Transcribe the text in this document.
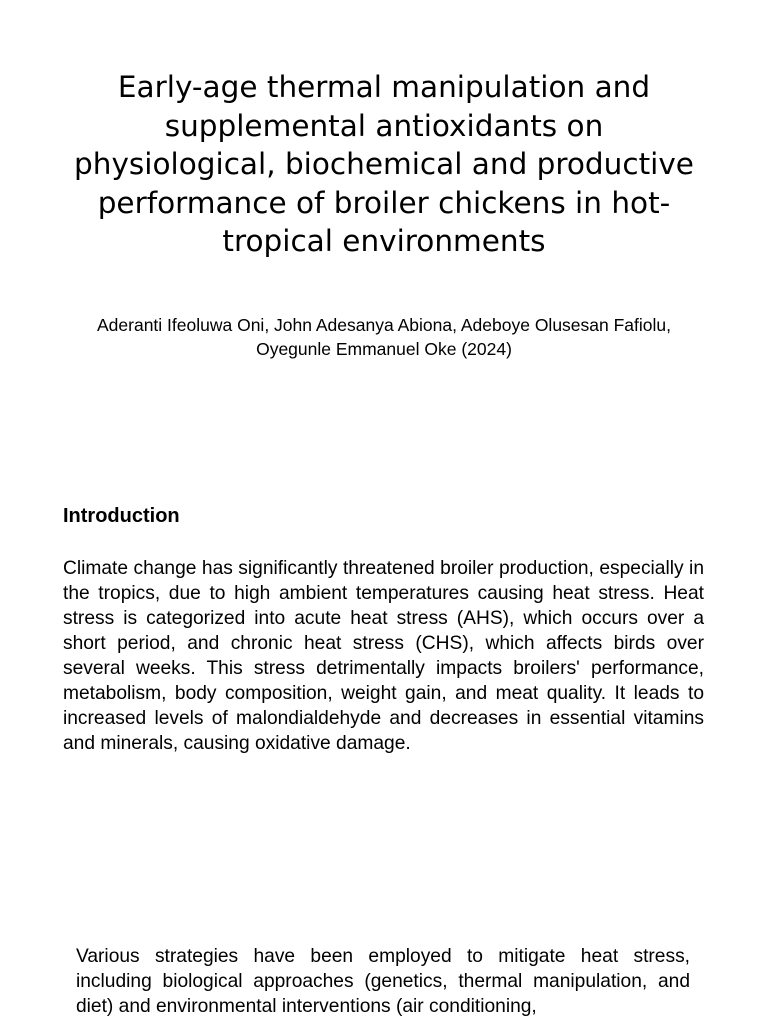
Early-age thermal manipulation and supplemental antioxidants on physiological, biochemical and productive performance of broiler chickens in hot-tropical environments

Aderanti Ifeoluwa Oni, John Adesanya Abiona, Adeboye Olusesan Fafiolu, Oyegunle Emmanuel Oke (2024)

Introduction

Climate change has significantly threatened broiler production, especially in the tropics, due to high ambient temperatures causing heat stress. Heat stress is categorized into acute heat stress (AHS), which occurs over a short period, and chronic heat stress (CHS), which affects birds over several weeks. This stress detrimentally impacts broilers' performance, metabolism, body composition, weight gain, and meat quality. It leads to increased levels of malondialdehyde and decreases in essential vitamins and minerals, causing oxidative damage.

Various strategies have been employed to mitigate heat stress, including biological approaches (genetics, thermal manipulation, and diet) and environmental interventions (air conditioning,
